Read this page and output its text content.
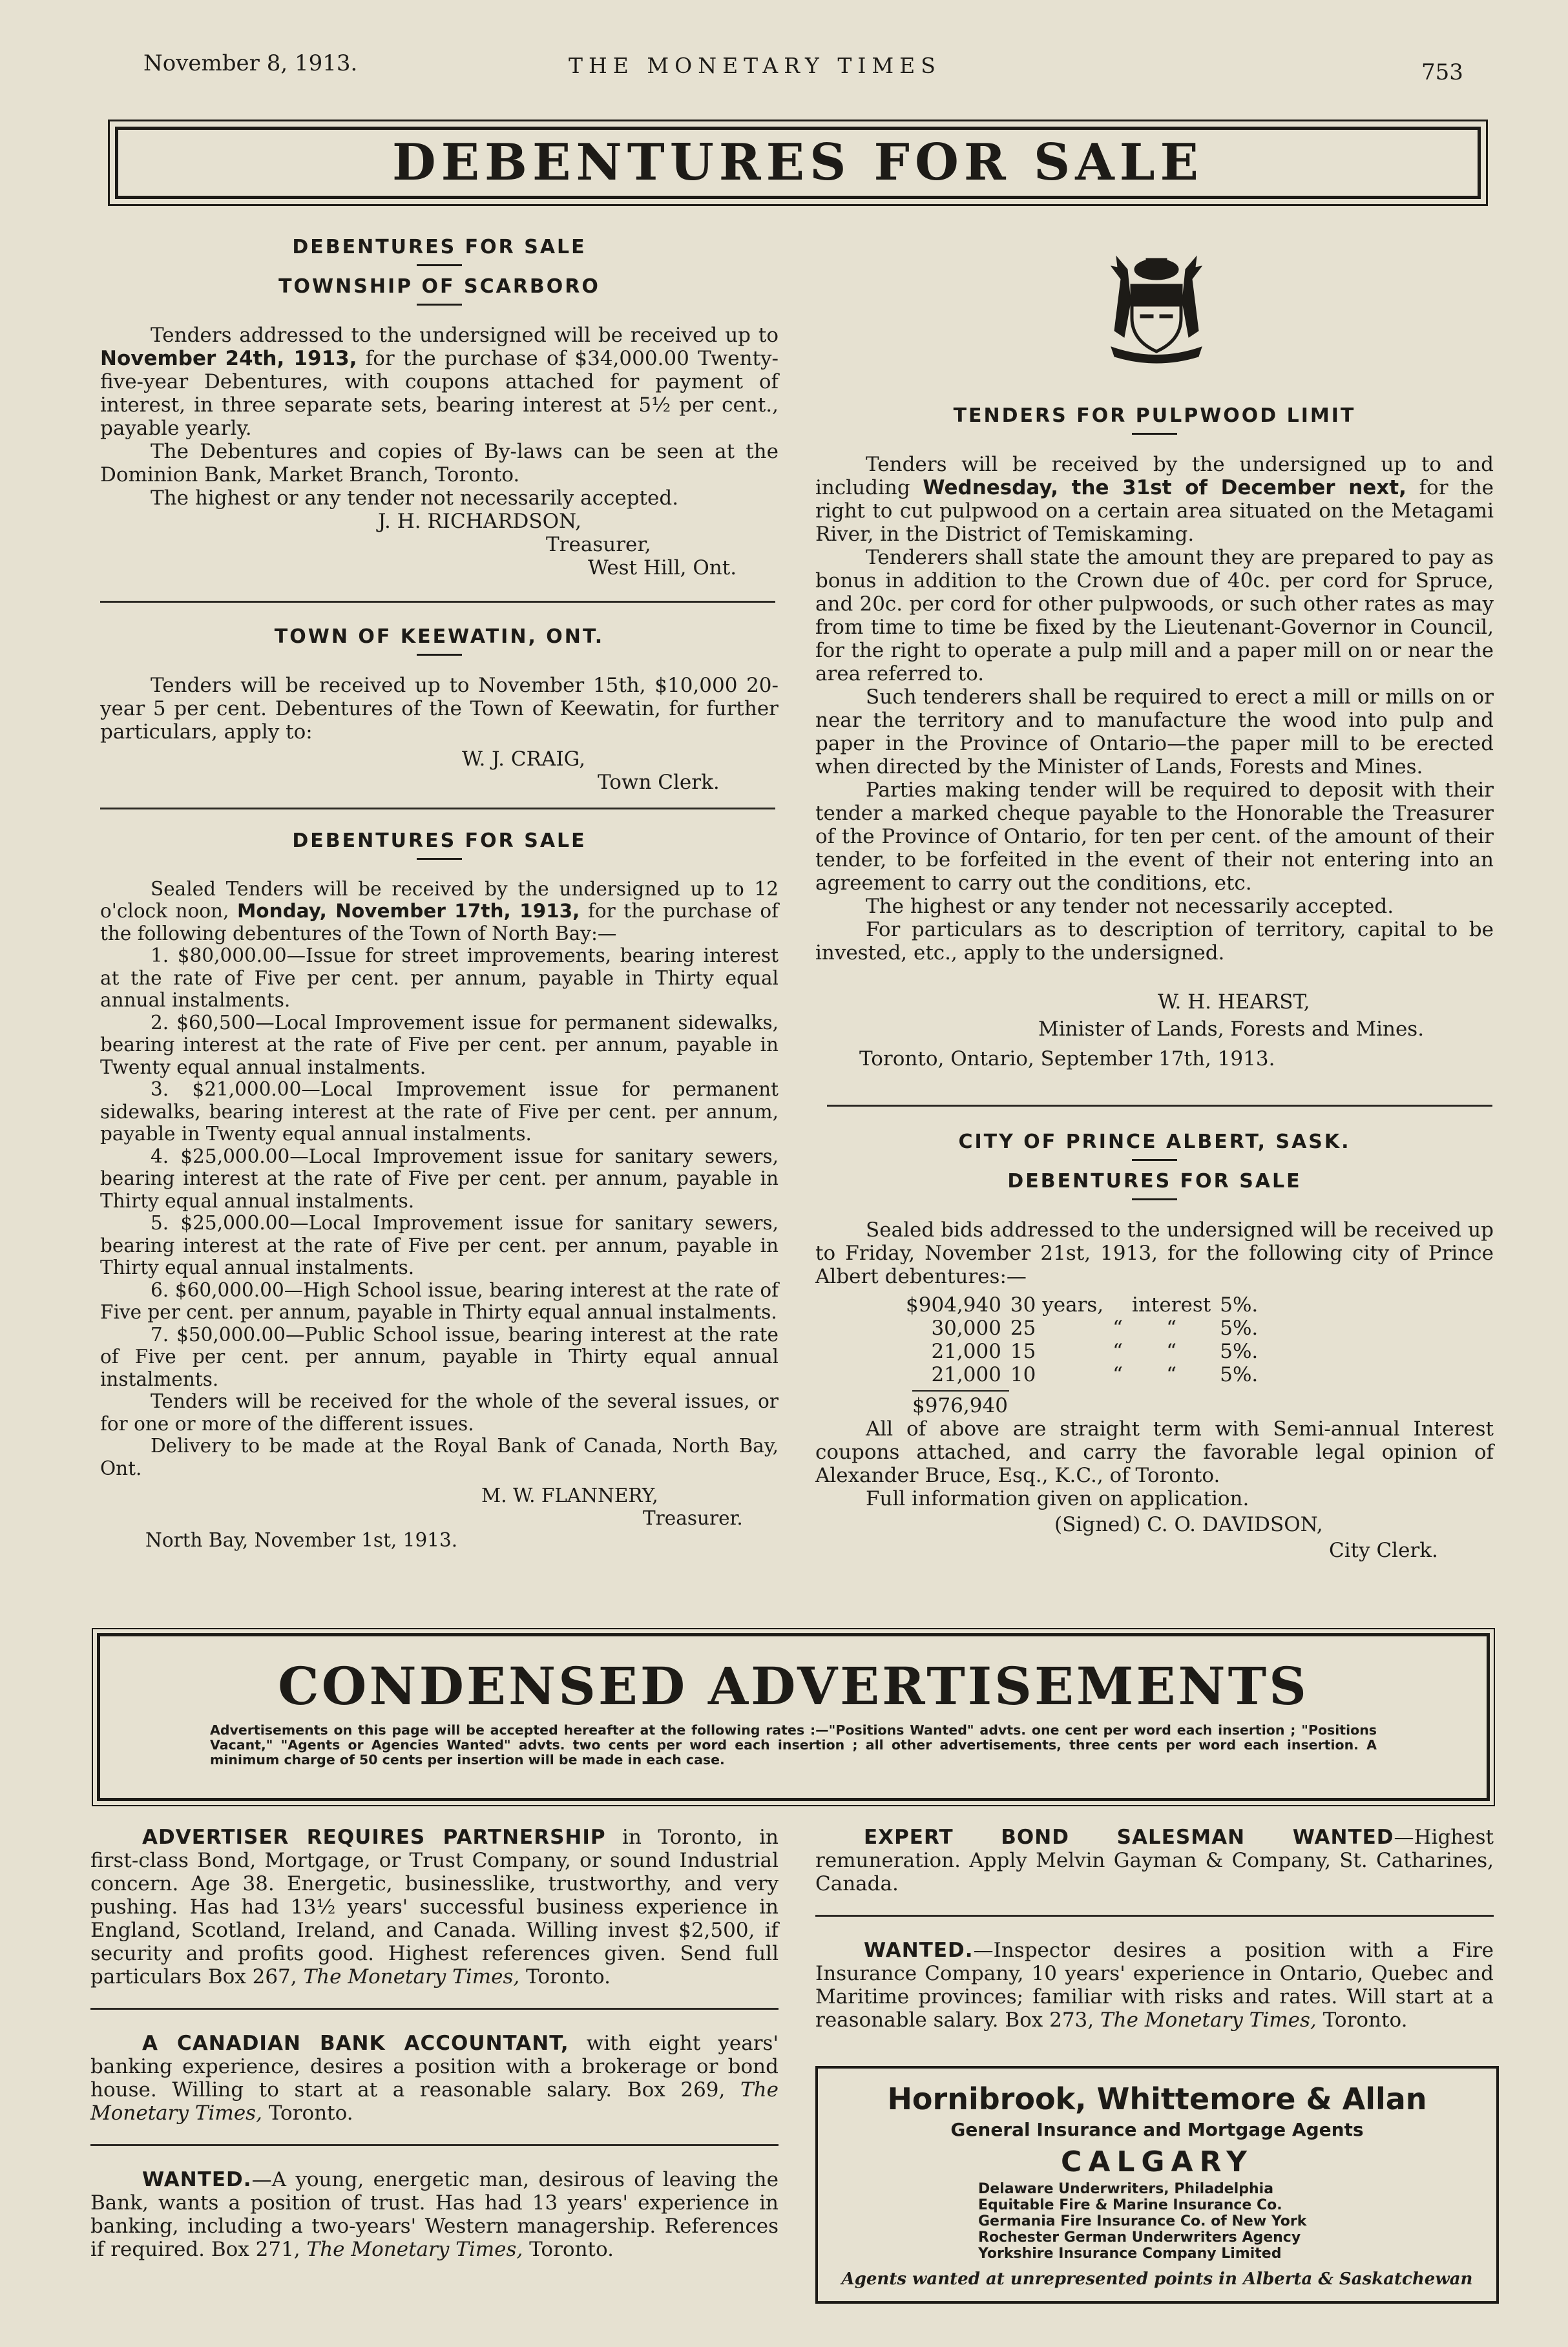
November 8, 1913.	THE MONETARY TIMES	753
DEBENTURES FOR SALE
DEBENTURES FOR SALE
TOWNSHIP OF SCARBORO

Tenders addressed to the undersigned will be received up to November 24th, 1913, for the purchase of $34,000.00 Twenty-five-year Debentures, with coupons attached for payment of interest, in three separate sets, bearing interest at 5½ per cent., payable yearly.

The Debentures and copies of By-laws can be seen at the Dominion Bank, Market Branch, Toronto.

The highest or any tender not necessarily accepted.

J. H. RICHARDSON,
Treasurer,
West Hill, Ont.
TOWN OF KEEWATIN, ONT.

Tenders will be received up to November 15th, $10,000 20-year 5 per cent. Debentures of the Town of Keewatin, for further particulars, apply to:

W. J. CRAIG,
Town Clerk.
DEBENTURES FOR SALE

Sealed Tenders will be received by the undersigned up to 12 o'clock noon, Monday, November 17th, 1913, for the purchase of the following debentures of the Town of North Bay:—

1. $80,000.00—Issue for street improvements, bearing interest at the rate of Five per cent. per annum, payable in Thirty equal annual instalments.

2. $60,500—Local Improvement issue for permanent sidewalks, bearing interest at the rate of Five per cent. per annum, payable in Twenty equal annual instalments.

3. $21,000.00—Local Improvement issue for permanent sidewalks, bearing interest at the rate of Five per cent. per annum, payable in Twenty equal annual instalments.

4. $25,000.00—Local Improvement issue for sanitary sewers, bearing interest at the rate of Five per cent. per annum, payable in Thirty equal annual instalments.

5. $25,000.00—Local Improvement issue for sanitary sewers, bearing interest at the rate of Five per cent. per annum, payable in Thirty equal annual instalments.

6. $60,000.00—High School issue, bearing interest at the rate of Five per cent. per annum, payable in Thirty equal annual instalments.

7. $50,000.00—Public School issue, bearing interest at the rate of Five per cent. per annum, payable in Thirty equal annual instalments.

Tenders will be received for the whole of the several issues, or for one or more of the different issues.

Delivery to be made at the Royal Bank of Canada, North Bay, Ont.

M. W. FLANNERY,
Treasurer.
North Bay, November 1st, 1913.
TENDERS FOR PULPWOOD LIMIT

Tenders will be received by the undersigned up to and including Wednesday, the 31st of December next, for the right to cut pulpwood on a certain area situated on the Metagami River, in the District of Temiskaming.

Tenderers shall state the amount they are prepared to pay as bonus in addition to the Crown due of 40c. per cord for Spruce, and 20c. per cord for other pulpwoods, or such other rates as may from time to time be fixed by the Lieutenant-Governor in Council, for the right to operate a pulp mill and a paper mill on or near the area referred to.

Such tenderers shall be required to erect a mill or mills on or near the territory and to manufacture the wood into pulp and paper in the Province of Ontario—the paper mill to be erected when directed by the Minister of Lands, Forests and Mines.

Parties making tender will be required to deposit with their tender a marked cheque payable to the Honorable the Treasurer of the Province of Ontario, for ten per cent. of the amount of their tender, to be forfeited in the event of their not entering into an agreement to carry out the conditions, etc.

The highest or any tender not necessarily accepted.

For particulars as to description of territory, capital to be invested, etc., apply to the undersigned.

W. H. HEARST,
Minister of Lands, Forests and Mines.
Toronto, Ontario, September 17th, 1913.
CITY OF PRINCE ALBERT, SASK.
DEBENTURES FOR SALE

Sealed bids addressed to the undersigned will be received up to Friday, November 21st, 1913, for the following city of Prince Albert debentures:—

$904,940	30 years,		interest	5%.
30,000	25	“	“	5%.
21,000	15	“	“	5%.
21,000	10	“	“	5%.
$976,940

All of above are straight term with Semi-annual Interest coupons attached, and carry the favorable legal opinion of Alexander Bruce, Esq., K.C., of Toronto.

Full information given on application.

(Signed) C. O. DAVIDSON,
City Clerk.
CONDENSED ADVERTISEMENTS
Advertisements on this page will be accepted hereafter at the following rates :—"Positions Wanted" advts. one cent per word each insertion ; "Positions Vacant," "Agents or Agencies Wanted" advts. two cents per word each insertion ; all other advertisements, three cents per word each insertion. A minimum charge of 50 cents per insertion will be made in each case.

ADVERTISER REQUIRES PARTNERSHIP in Toronto, in first-class Bond, Mortgage, or Trust Company, or sound Industrial concern. Age 38. Energetic, businesslike, trustworthy, and very pushing. Has had 13½ years' successful business experience in England, Scotland, Ireland, and Canada. Willing invest $2,500, if security and profits good. Highest references given. Send full particulars Box 267, The Monetary Times, Toronto.

A CANADIAN BANK ACCOUNTANT, with eight years' banking experience, desires a position with a brokerage or bond house. Willing to start at a reasonable salary. Box 269, The Monetary Times, Toronto.

WANTED.—A young, energetic man, desirous of leaving the Bank, wants a position of trust. Has had 13 years' experience in banking, including a two-years' Western managership. References if required. Box 271, The Monetary Times, Toronto.

EXPERT BOND SALESMAN WANTED—Highest remuneration. Apply Melvin Gayman & Company, St. Catharines, Canada.

WANTED.—Inspector desires a position with a Fire Insurance Company, 10 years' experience in Ontario, Quebec and Maritime provinces; familiar with risks and rates. Will start at a reasonable salary. Box 273, The Monetary Times, Toronto.

Hornibrook, Whittemore & Allan
General Insurance and Mortgage Agents
CALGARY
Delaware Underwriters, Philadelphia
Equitable Fire & Marine Insurance Co.
Germania Fire Insurance Co. of New York
Rochester German Underwriters Agency
Yorkshire Insurance Company Limited
Agents wanted at unrepresented points in Alberta & Saskatchewan
